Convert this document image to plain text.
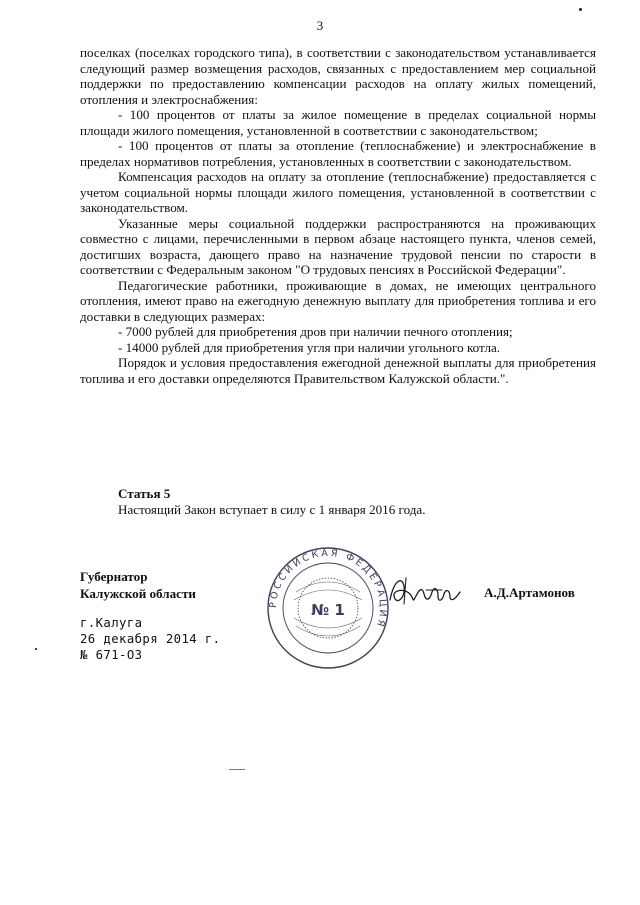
3

поселках (поселках городского типа), в соответствии с законодательством устанавливается следующий размер возмещения расходов, связанных с предоставлением мер социальной поддержки по предоставлению компенсации расходов на оплату жилых помещений, отопления и электроснабжения:

- 100 процентов от платы за жилое помещение в пределах социальной нормы площади жилого помещения, установленной в соответствии с законодательством;

- 100 процентов от платы за отопление (теплоснабжение) и электроснабжение в пределах нормативов потребления, установленных в соответствии с законодательством.

Компенсация расходов на оплату за отопление (теплоснабжение) предоставляется с учетом социальной нормы площади жилого помещения, установленной в соответствии с законодательством.

Указанные меры социальной поддержки распространяются на проживающих совместно с лицами, перечисленными в первом абзаце настоящего пункта, членов семей, достигших возраста, дающего право на назначение трудовой пенсии по старости в соответствии с Федеральным законом "О трудовых пенсиях в Российской Федерации".

Педагогические работники, проживающие в домах, не имеющих центрального отопления, имеют право на ежегодную денежную выплату для приобретения топлива и его доставки в следующих размерах:

- 7000 рублей для приобретения дров при наличии печного отопления;

- 14000 рублей для приобретения угля при наличии угольного котла.

Порядок и условия предоставления ежегодной денежной выплаты для приобретения топлива и его доставки определяются Правительством Калужской области.".

Статья 5
Настоящий Закон вступает в силу с 1 января 2016 года.
Губернатор
Калужской области	А.Д.Артамонов
г.Калуга
26 декабря 2014 г.
№ 671-ОЗ
РОССИЙСКАЯ ФЕДЕРАЦИЯ
№ 1
